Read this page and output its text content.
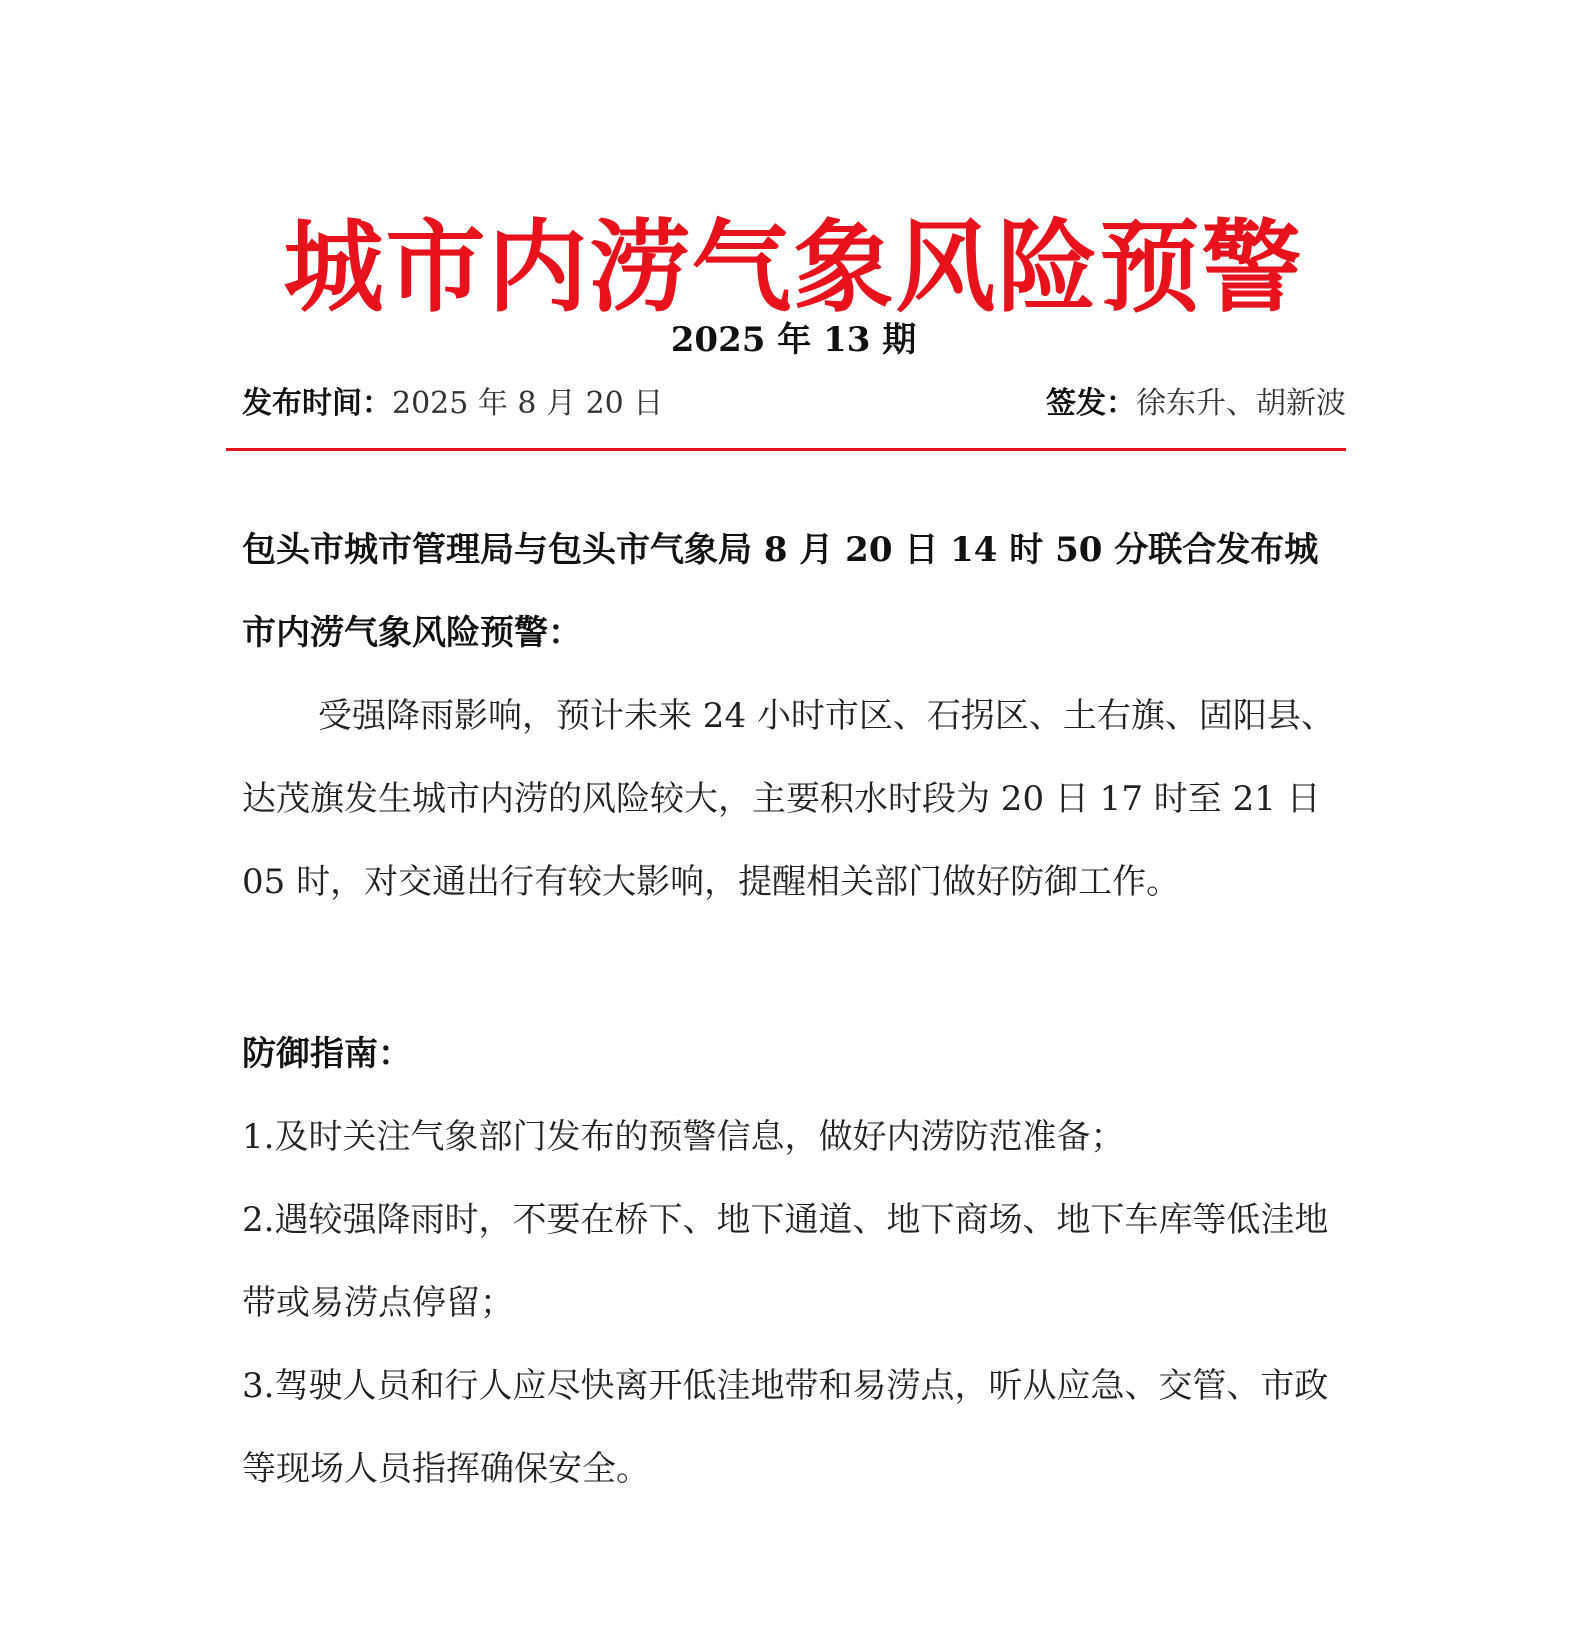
城市内涝气象风险预警
2025 年 13 期
发布时间：2025 年 8 月 20 日	签发：徐东升、胡新波
包头市城市管理局与包头市气象局 8 月 20 日 14 时 50 分联合发布城市内涝气象风险预警：
受强降雨影响，预计未来 24 小时市区、石拐区、土右旗、固阳县、达茂旗发生城市内涝的风险较大，主要积水时段为 20 日 17 时至 21 日 05 时，对交通出行有较大影响，提醒相关部门做好防御工作。
防御指南：
1.及时关注气象部门发布的预警信息，做好内涝防范准备；
2.遇较强降雨时，不要在桥下、地下通道、地下商场、地下车库等低洼地带或易涝点停留；
3.驾驶人员和行人应尽快离开低洼地带和易涝点，听从应急、交管、市政等现场人员指挥确保安全。
